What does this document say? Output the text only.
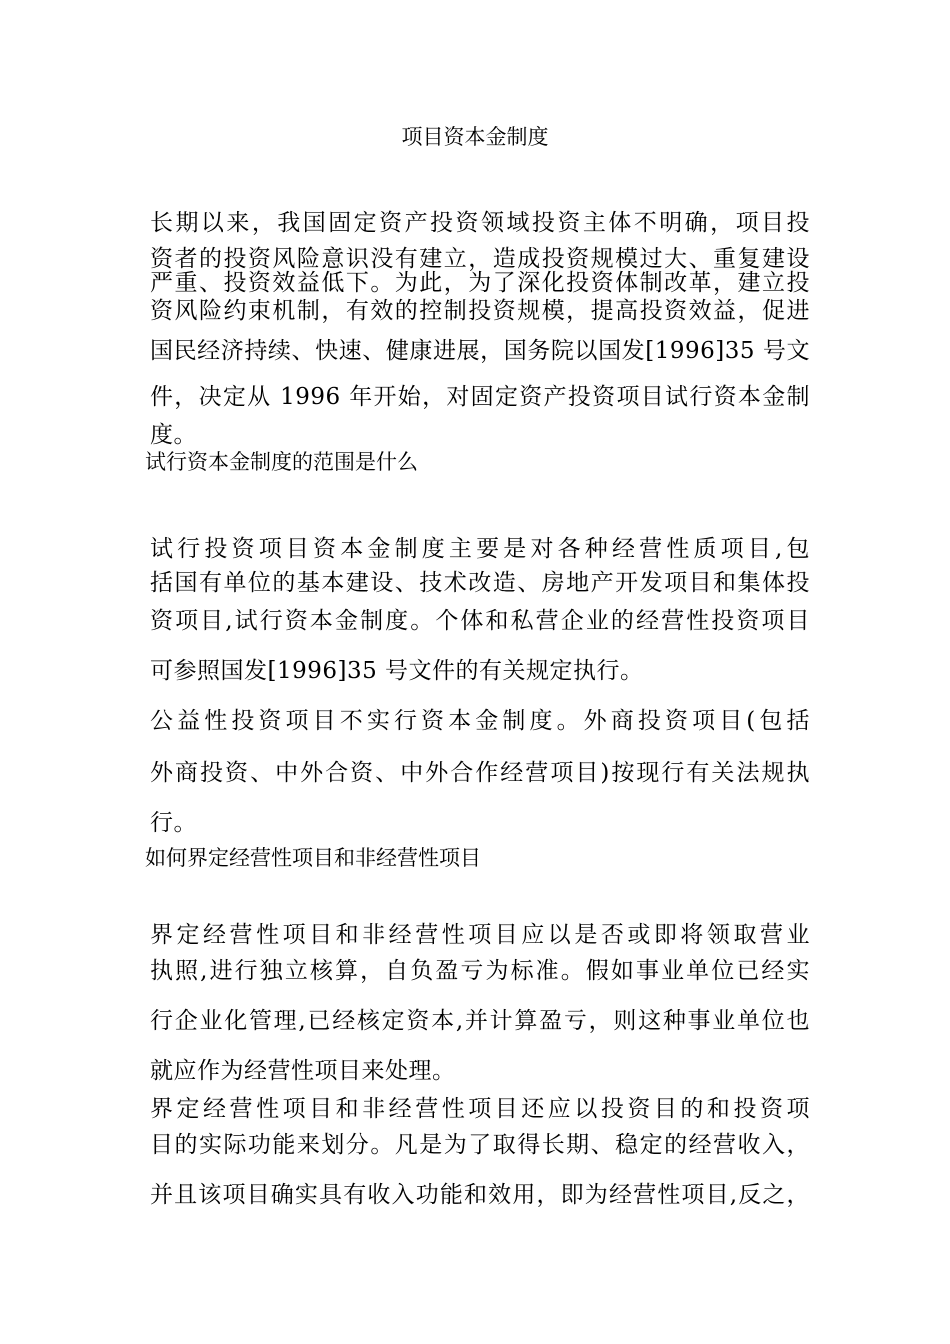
项目资本金制度
长期以来，我国固定资产投资领域投资主体不明确，项目投
资者的投资风险意识没有建立，造成投资规模过大、重复建设
严重、投资效益低下。为此，为了深化投资体制改革，建立投
资风险约束机制，有效的控制投资规模，提高投资效益，促进
国民经济持续、快速、健康进展，国务院以国发[1996]35 号文
件，决定从 1996 年开始，对固定资产投资项目试行资本金制
度。
试行资本金制度的范围是什么
试行投资项目资本金制度主要是对各种经营性质项目,包
括国有单位的基本建设、技术改造、房地产开发项目和集体投
资项目,试行资本金制度。个体和私营企业的经营性投资项目
可参照国发[1996]35 号文件的有关规定执行。
公益性投资项目不实行资本金制度。外商投资项目(包括
外商投资、中外合资、中外合作经营项目)按现行有关法规执
行。
如何界定经营性项目和非经营性项目
界定经营性项目和非经营性项目应以是否或即将领取营业
执照,进行独立核算，自负盈亏为标准。假如事业单位已经实
行企业化管理,已经核定资本,并计算盈亏，则这种事业单位也
就应作为经营性项目来处理。
界定经营性项目和非经营性项目还应以投资目的和投资项
目的实际功能来划分。凡是为了取得长期、稳定的经营收入，
并且该项目确实具有收入功能和效用，即为经营性项目,反之，
